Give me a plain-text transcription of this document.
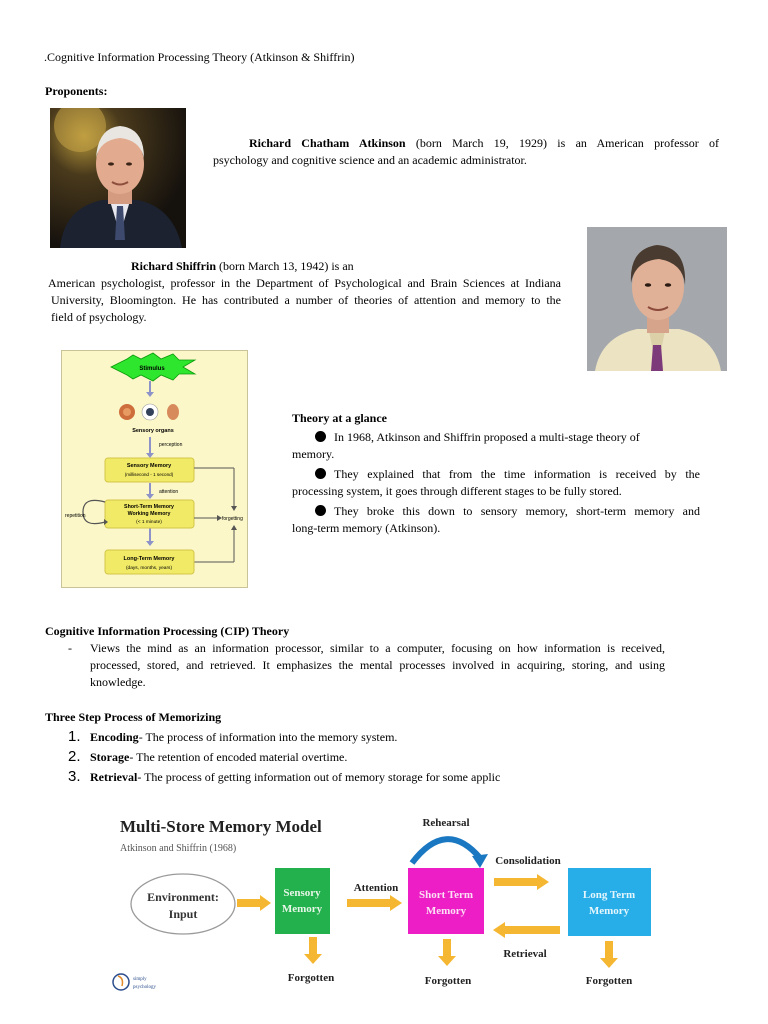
.Cognitive Information Processing Theory (Atkinson & Shiffrin)
Proponents:
Richard Chatham Atkinson (born March 19, 1929) is an American professor of
psychology and cognitive science and an academic administrator.
Richard Shiffrin (born March 13, 1942) is an
American psychologist, professor in the Department of Psychological and Brain Sciences at Indiana
University, Bloomington. He has contributed a number of theories of attention and memory to the
field of psychology.
Stimulus
Sensory organs
perception
Sensory Memory
(millisecond - 1 second)
attention
Short-Term Memory
Working Memory
(< 1 minute)
repetition	forgetting
Long-Term Memory
(days, months, years)
Theory at a glance
In 1968, Atkinson and Shiffrin proposed a multi-stage theory of
memory.
They explained that from the time information is received by the
processing system, it goes through different stages to be fully stored.
They broke this down to sensory memory, short-term memory and
long-term memory (Atkinson).
Cognitive Information Processing (CIP) Theory
- Views the mind as an information processor, similar to a computer, focusing on how information is received,
processed, stored, and retrieved. It emphasizes the mental processes involved in acquiring, storing, and using
knowledge.
Three Step Process of Memorizing
1. Encoding- The process of information into the memory system.
2. Storage- The retention of encoded material overtime.
3. Retrieval- The process of getting information out of memory storage for some applic
Multi-Store Memory Model
Atkinson and Shiffrin (1968)
Environment:
Input
Sensory
Memory
Attention
Short Term
Memory
Rehearsal
Consolidation
Retrieval
Long Term
Memory
Forgotten	Forgotten	Forgotten
simply
psychology
